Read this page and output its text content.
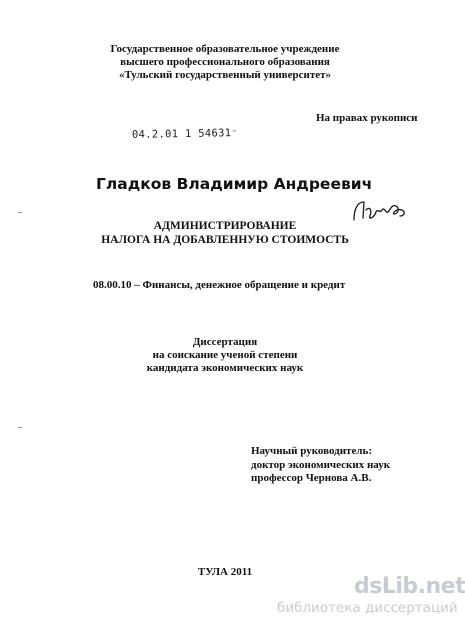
Государственное образовательное учреждение
высшего профессионального образования
«Тульский государственный университет»
На правах рукописи
04.2.01 1 54631⁻
Гладков Владимир Андреевич
АДМИНИСТРИРОВАНИЕ
НАЛОГА НА ДОБАВЛЕННУЮ СТОИМОСТЬ
08.00.10 – Финансы, денежное обращение и кредит
Диссертация
на соискание ученой степени
кандидата экономических наук
Научный руководитель:
доктор экономических наук
профессор Чернова А.В.
ТУЛА 2011
dsLib.net
библиотека диссертаций
